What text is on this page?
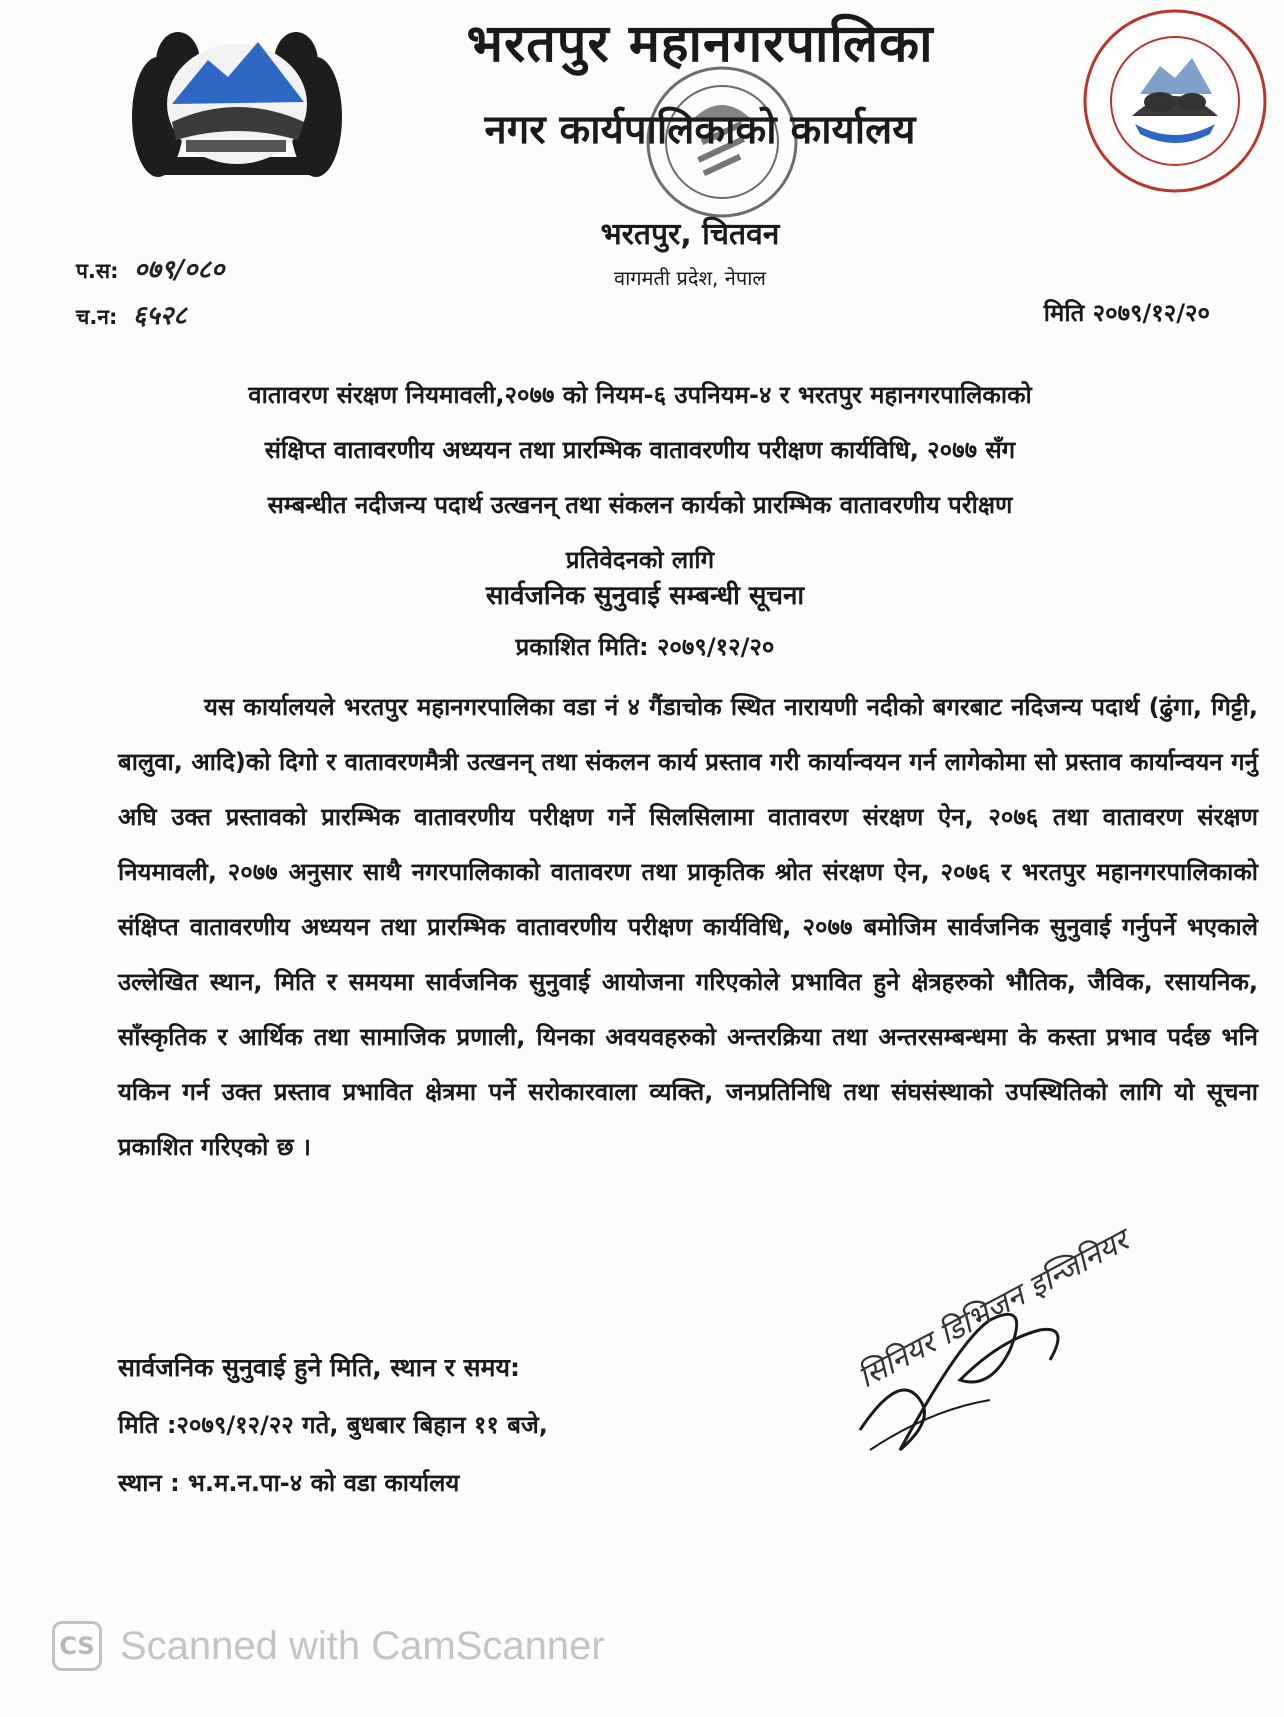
— — — —
भरतपुर महानगरपालिका
नगर कार्यपालिकाको कार्यालय
भरतपुर, चितवन
वागमती प्रदेश, नेपाल
प.स: ०७९/०८०
च.न: ६५२८	मिति २०७९/१२/२०
वातावरण संरक्षण नियमावली,२०७७ को नियम-६ उपनियम-४ र भरतपुर महानगरपालिकाको
संक्षिप्त वातावरणीय अध्ययन तथा प्रारम्भिक वातावरणीय परीक्षण कार्यविधि, २०७७ सँग
सम्बन्धीत नदीजन्य पदार्थ उत्खनन् तथा संकलन कार्यको प्रारम्भिक वातावरणीय परीक्षण
प्रतिवेदनको लागि
सार्वजनिक सुनुवाई सम्बन्धी सूचना
प्रकाशित मिति: २०७९/१२/२०
यस कार्यालयले भरतपुर महानगरपालिका वडा नं ४ गैंडाचोक स्थित नारायणी नदीको बगरबाट नदिजन्य पदार्थ (ढुंगा, गिट्टी, बालुवा, आदि)को दिगो र वातावरणमैत्री उत्खनन् तथा संकलन कार्य प्रस्ताव गरी कार्यान्वयन गर्न लागेकोमा सो प्रस्ताव कार्यान्वयन गर्नु अघि उक्त प्रस्तावको प्रारम्भिक वातावरणीय परीक्षण गर्ने सिलसिलामा वातावरण संरक्षण ऐन, २०७६ तथा वातावरण संरक्षण नियमावली, २०७७ अनुसार साथै नगरपालिकाको वातावरण तथा प्राकृतिक श्रोत संरक्षण ऐन, २०७६ र भरतपुर महानगरपालिकाको संक्षिप्त वातावरणीय अध्ययन तथा प्रारम्भिक वातावरणीय परीक्षण कार्यविधि, २०७७ बमोजिम सार्वजनिक सुनुवाई गर्नुपर्ने भएकाले उल्लेखित स्थान, मिति र समयमा सार्वजनिक सुनुवाई आयोजना गरिएकोले प्रभावित हुने क्षेत्रहरुको भौतिक, जैविक, रसायनिक, साँस्कृतिक र आर्थिक तथा सामाजिक प्रणाली, यिनका अवयवहरुको अन्तरक्रिया तथा अन्तरसम्बन्धमा के कस्ता प्रभाव पर्दछ भनि यकिन गर्न उक्त प्रस्ताव प्रभावित क्षेत्रमा पर्ने सरोकारवाला व्यक्ति, जनप्रतिनिधि तथा संघसंस्थाको उपस्थितिको लागि यो सूचना प्रकाशित गरिएको छ ।
सार्वजनिक सुनुवाई हुने मिति, स्थान र समय:
मिति :२०७९/१२/२२ गते, बुधबार बिहान ११ बजे,
स्थान : भ.म.न.पा-४ को वडा कार्यालय
सिनियर डिभिजन इन्जिनियर
CS Scanned with CamScanner
